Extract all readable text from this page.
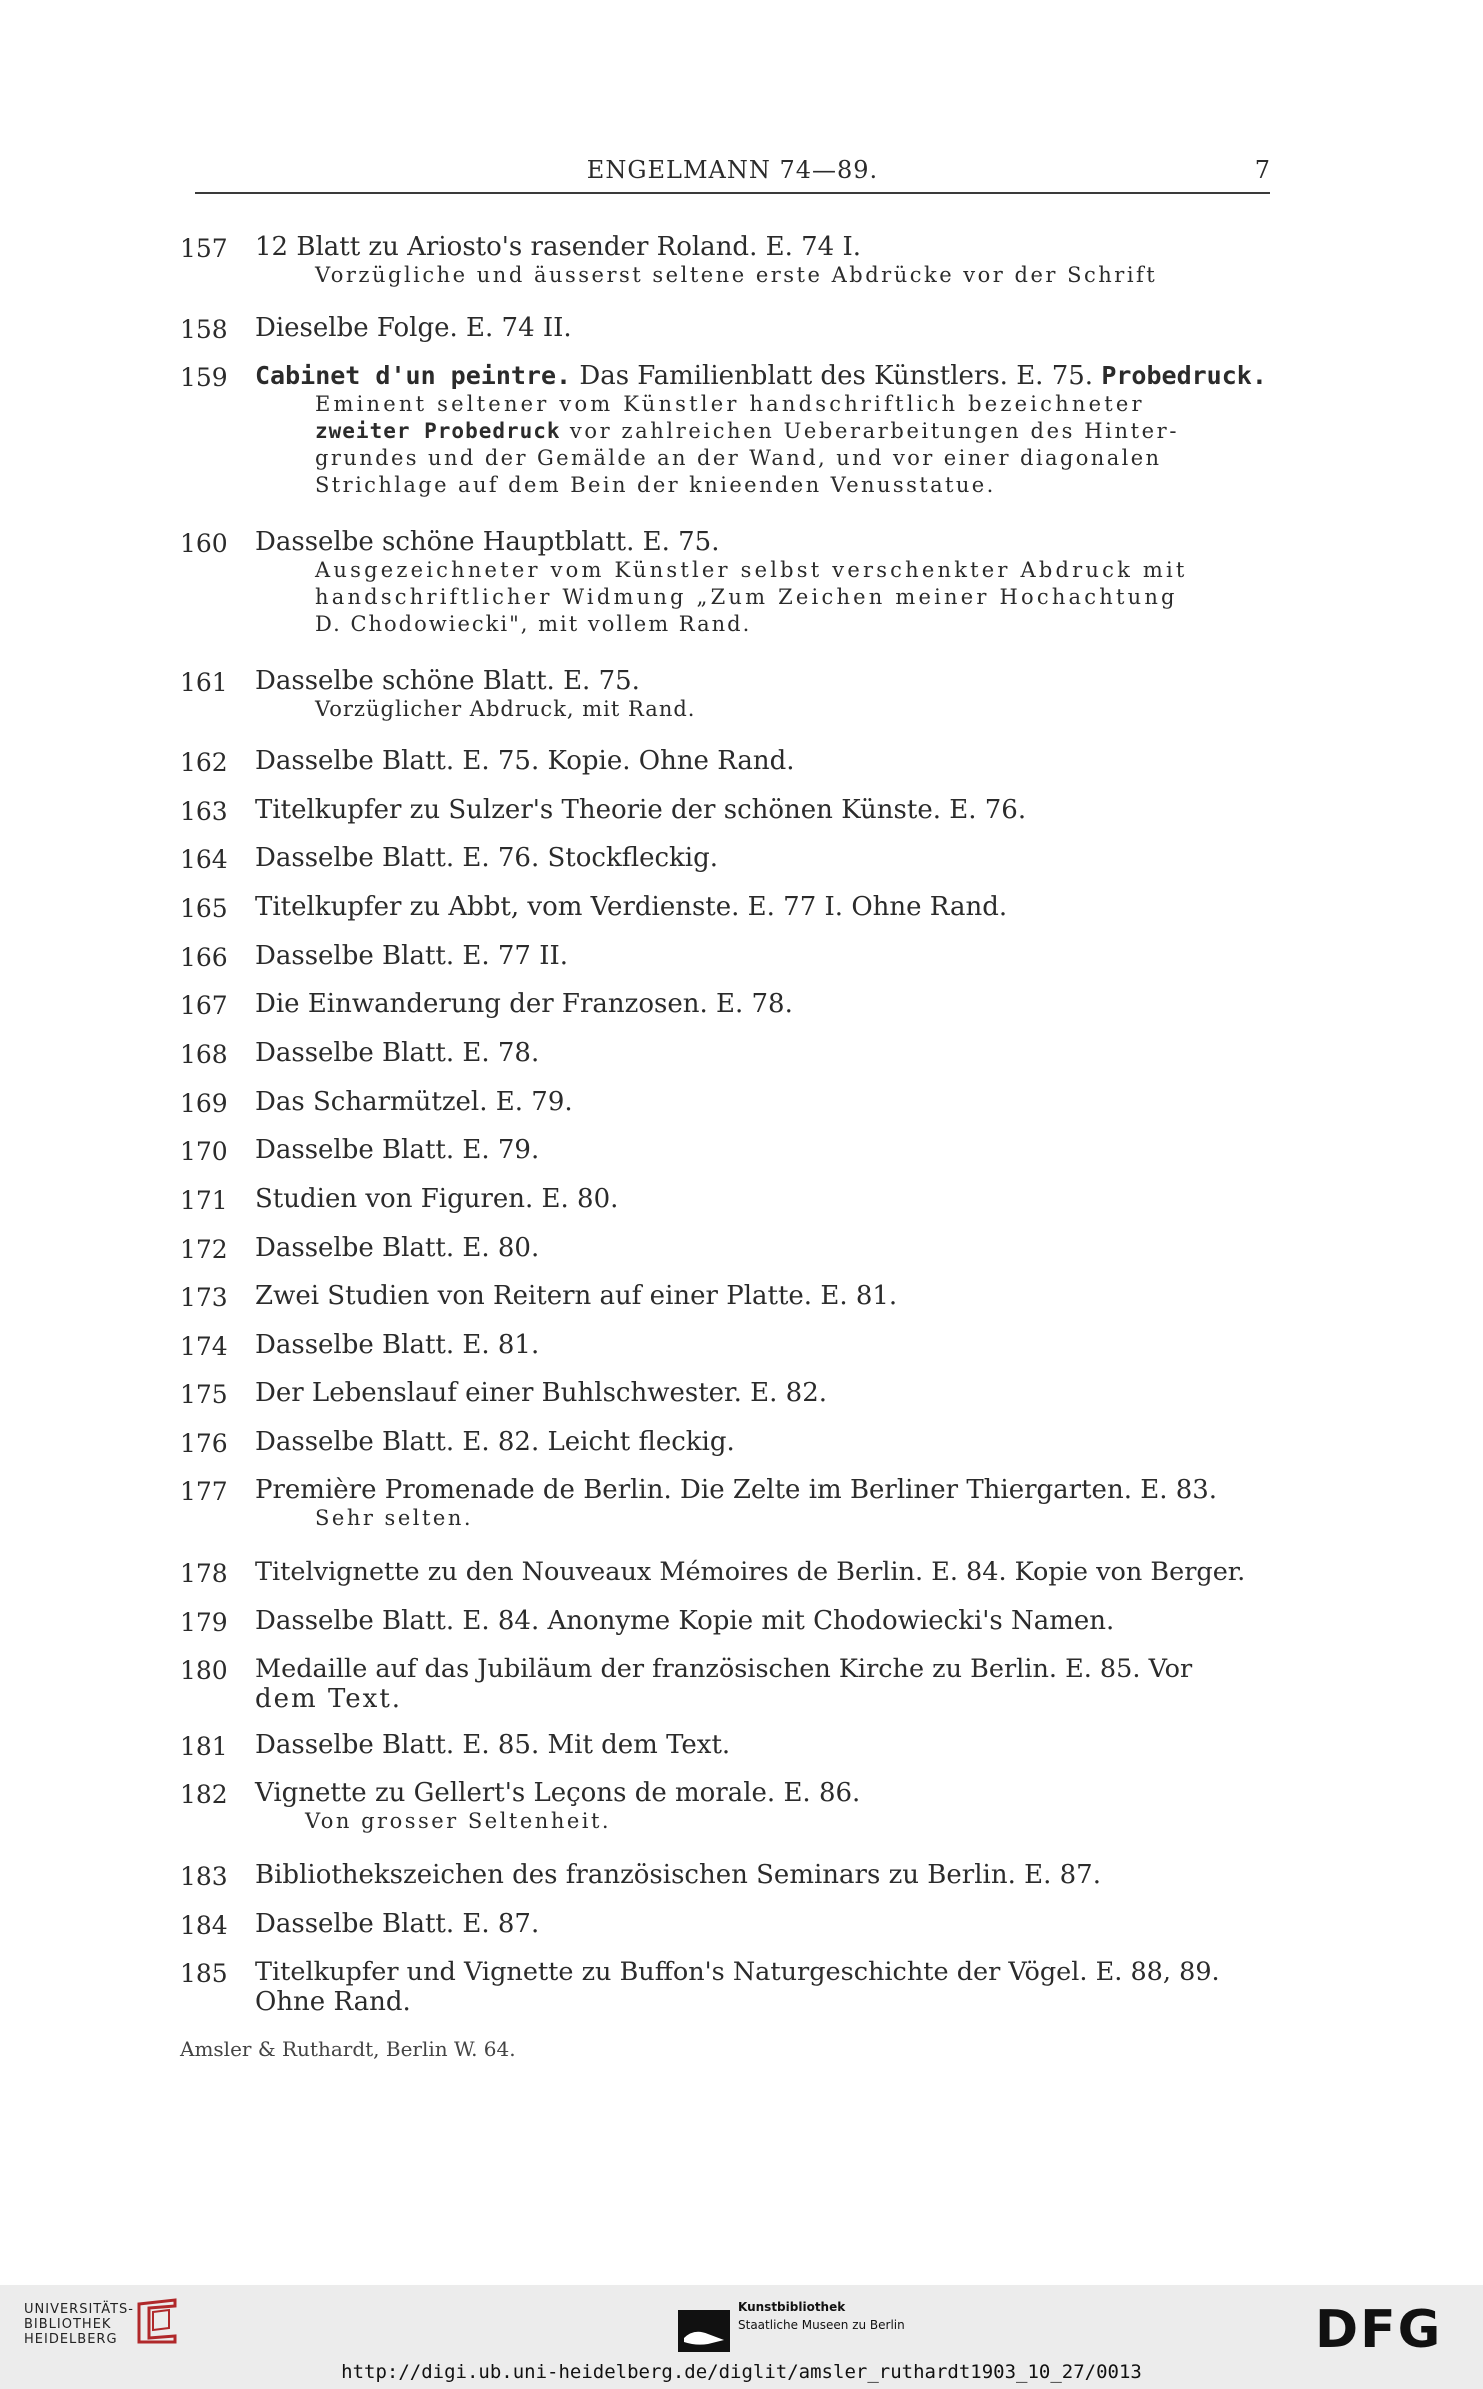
ENGELMANN 74—89.	7
157	12 Blatt zu Ariosto's rasender Roland. E. 74 I.
Vorzügliche und äusserst seltene erste Abdrücke vor der Schrift
158	Dieselbe Folge. E. 74 II.
159	Cabinet d'un peintre. Das Familienblatt des Künstlers. E. 75. Probedruck.
Eminent seltener vom Künstler handschriftlich bezeichneter
zweiter Probedruck vor zahlreichen Ueberarbeitungen des Hinter-
grundes und der Gemälde an der Wand, und vor einer diagonalen
Strichlage auf dem Bein der knieenden Venusstatue.
160	Dasselbe schöne Hauptblatt. E. 75.
Ausgezeichneter vom Künstler selbst verschenkter Abdruck mit
handschriftlicher Widmung „Zum Zeichen meiner Hochachtung
D. Chodowiecki", mit vollem Rand.
161	Dasselbe schöne Blatt. E. 75.
Vorzüglicher Abdruck, mit Rand.
162	Dasselbe Blatt. E. 75. Kopie. Ohne Rand.
163	Titelkupfer zu Sulzer's Theorie der schönen Künste. E. 76.
164	Dasselbe Blatt. E. 76. Stockfleckig.
165	Titelkupfer zu Abbt, vom Verdienste. E. 77 I. Ohne Rand.
166	Dasselbe Blatt. E. 77 II.
167	Die Einwanderung der Franzosen. E. 78.
168	Dasselbe Blatt. E. 78.
169	Das Scharmützel. E. 79.
170	Dasselbe Blatt. E. 79.
171	Studien von Figuren. E. 80.
172	Dasselbe Blatt. E. 80.
173	Zwei Studien von Reitern auf einer Platte. E. 81.
174	Dasselbe Blatt. E. 81.
175	Der Lebenslauf einer Buhlschwester. E. 82.
176	Dasselbe Blatt. E. 82. Leicht fleckig.
177	Première Promenade de Berlin. Die Zelte im Berliner Thiergarten. E. 83.
Sehr selten.
178	Titelvignette zu den Nouveaux Mémoires de Berlin. E. 84. Kopie von Berger.
179	Dasselbe Blatt. E. 84. Anonyme Kopie mit Chodowiecki's Namen.
180	Medaille auf das Jubiläum der französischen Kirche zu Berlin. E. 85. Vor
dem Text.
181	Dasselbe Blatt. E. 85. Mit dem Text.
182	Vignette zu Gellert's Leçons de morale. E. 86.
Von grosser Seltenheit.
183	Bibliothekszeichen des französischen Seminars zu Berlin. E. 87.
184	Dasselbe Blatt. E. 87.
185	Titelkupfer und Vignette zu Buffon's Naturgeschichte der Vögel. E. 88, 89.
Ohne Rand.
Amsler & Ruthardt, Berlin W. 64.
UNIVERSITÄTS-
BIBLIOTHEK
HEIDELBERG
Kunstbibliothek
Staatliche Museen zu Berlin	DFG
http://digi.ub.uni-heidelberg.de/diglit/amsler_ruthardt1903_10_27/0013
